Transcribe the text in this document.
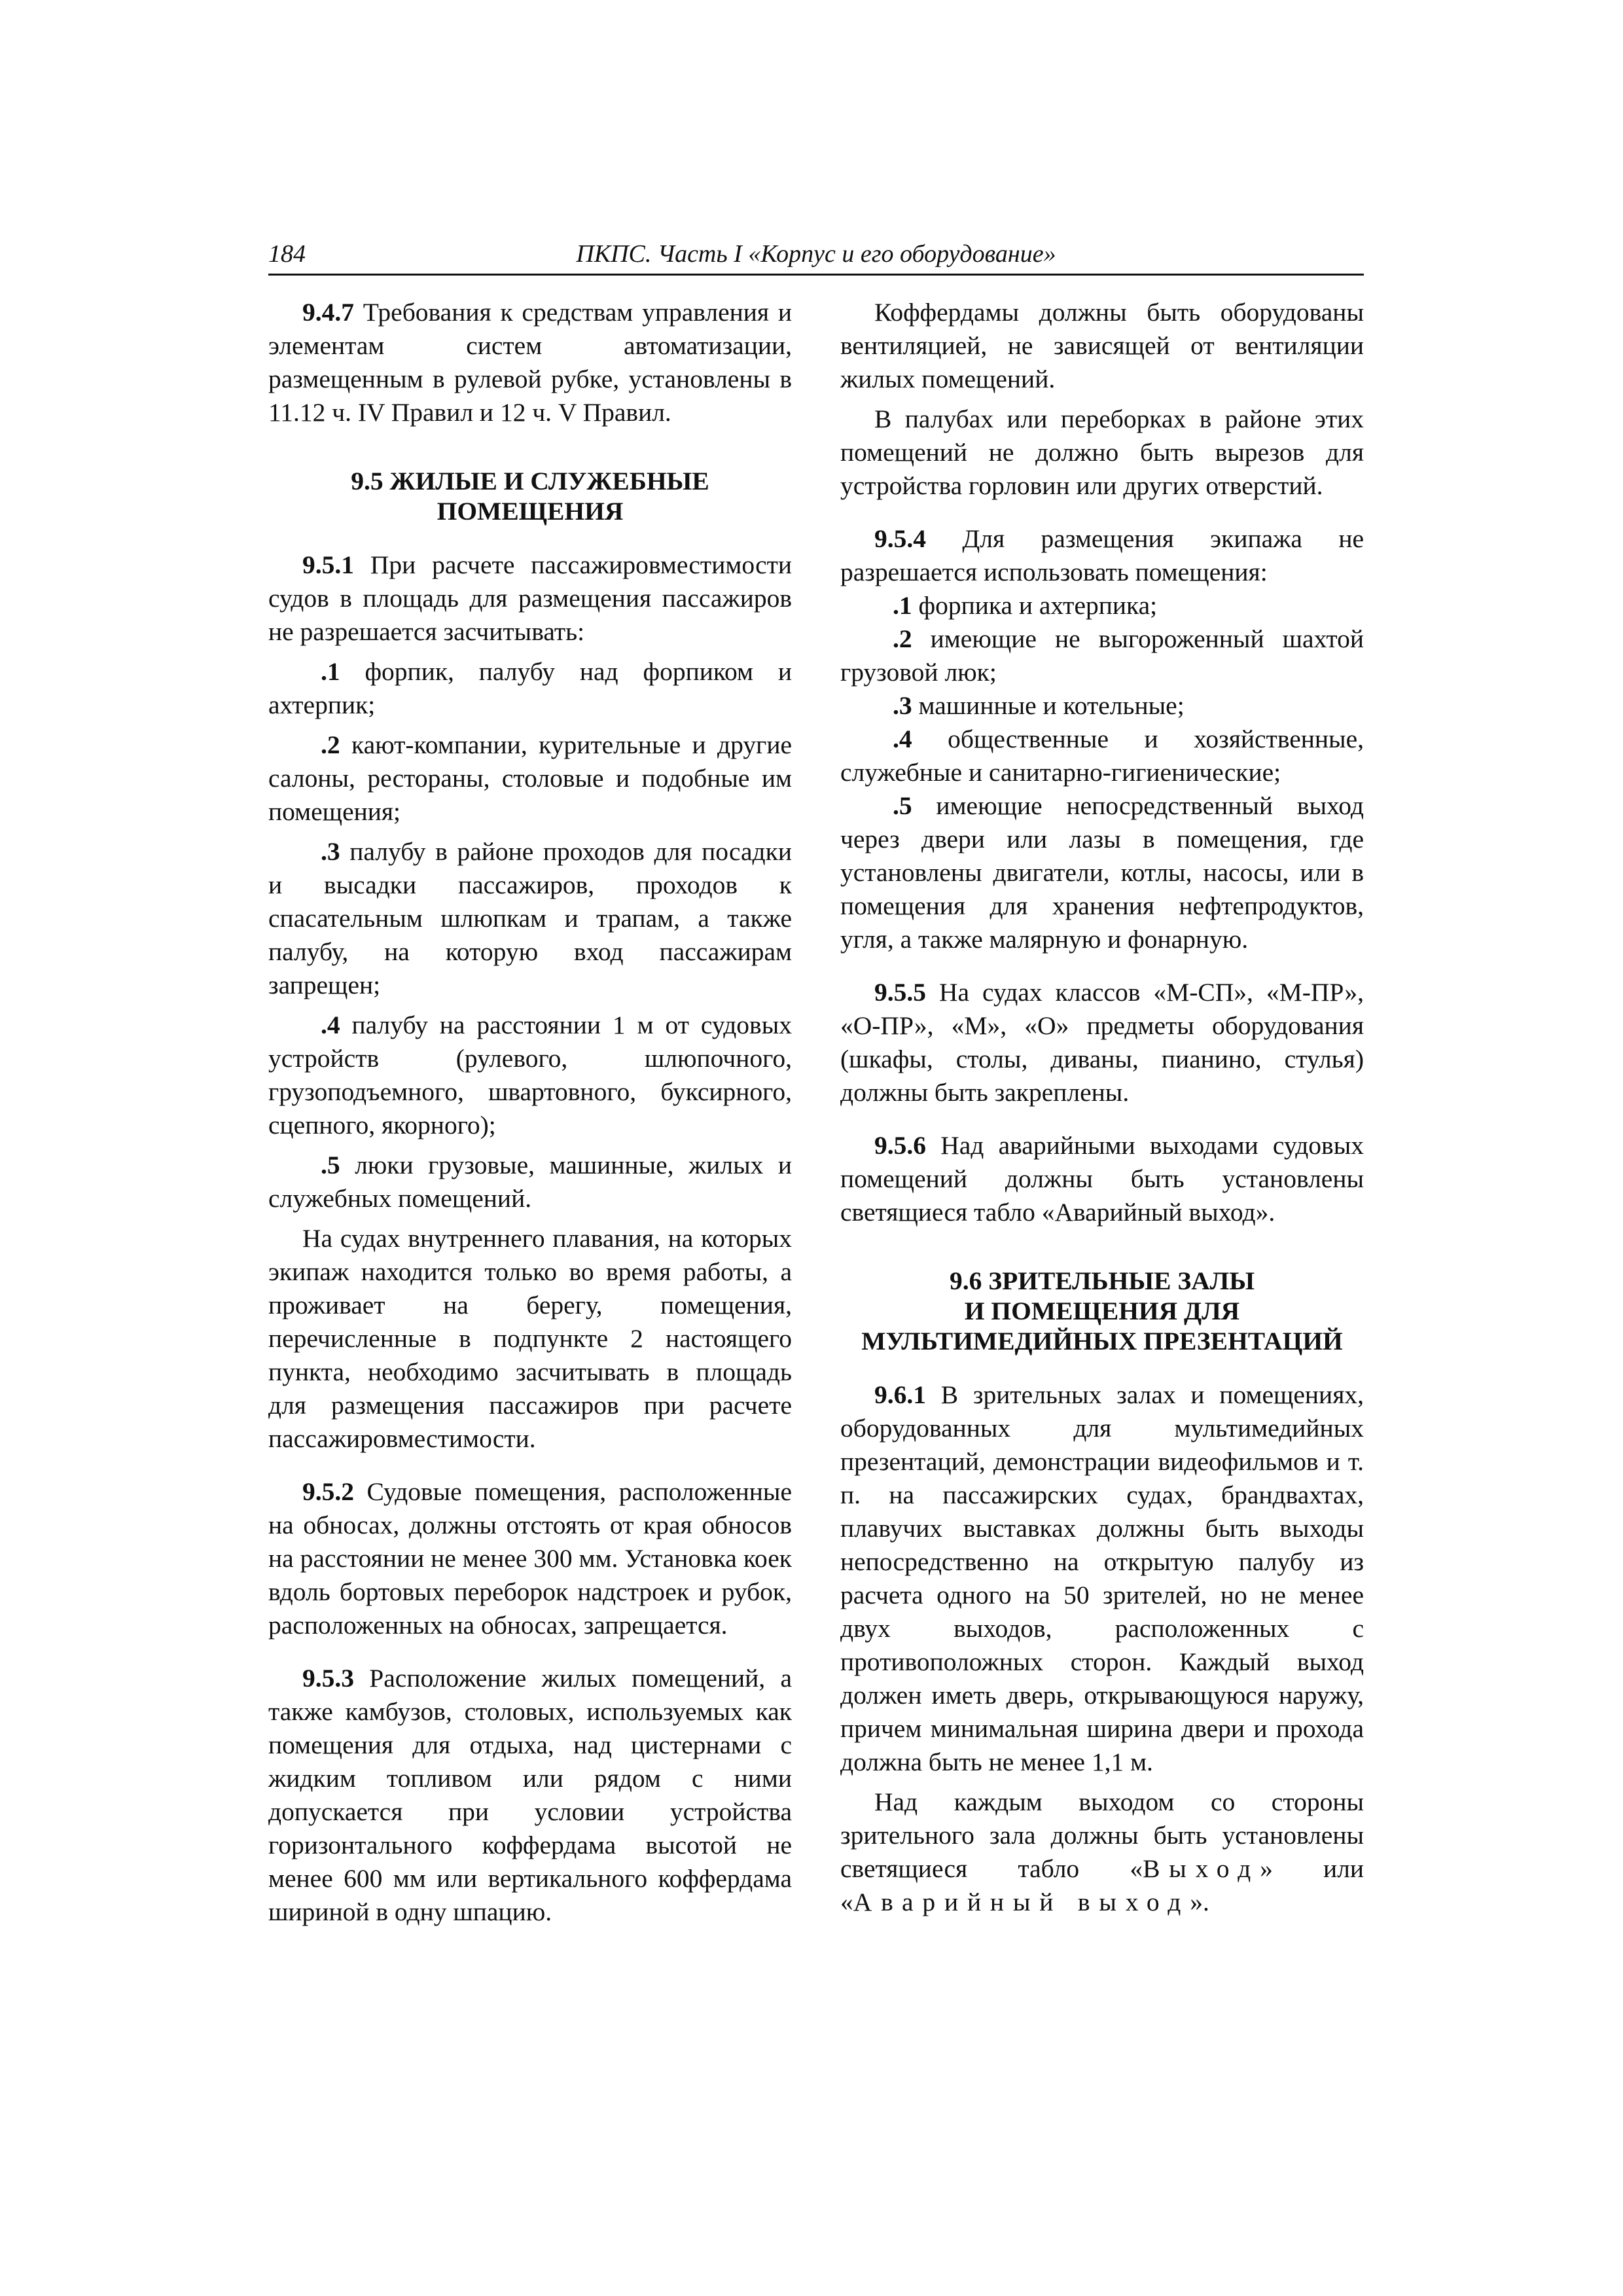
184	ПКПС. Часть I «Корпус и его оборудование»

9.4.7 Требования к средствам управления и элементам систем автоматизации, размещенным в рулевой рубке, установлены в 11.12 ч. IV Правил и 12 ч. V Правил.

9.5 ЖИЛЫЕ И СЛУЖЕБНЫЕ
ПОМЕЩЕНИЯ

9.5.1 При расчете пассажировместимости судов в площадь для размещения пассажиров не разрешается засчитывать:

.1 форпик, палубу над форпиком и ахтерпик;

.2 кают-компании, курительные и другие салоны, рестораны, столовые и подобные им помещения;

.3 палубу в районе проходов для посадки и высадки пассажиров, проходов к спасательным шлюпкам и трапам, а также палубу, на которую вход пассажирам запрещен;

.4 палубу на расстоянии 1 м от судовых устройств (рулевого, шлюпочного, грузоподъемного, швартовного, буксирного, сцепного, якорного);

.5 люки грузовые, машинные, жилых и служебных помещений.

На судах внутреннего плавания, на которых экипаж находится только во время работы, а проживает на берегу, помещения, перечисленные в подпункте 2 настоящего пункта, необходимо засчитывать в площадь для размещения пассажиров при расчете пассажировместимости.

9.5.2 Судовые помещения, расположенные на обносах, должны отстоять от края обносов на расстоянии не менее 300 мм. Установка коек вдоль бортовых переборок надстроек и рубок, расположенных на обносах, запрещается.

9.5.3 Расположение жилых помещений, а также камбузов, столовых, используемых как помещения для отдыха, над цистернами с жидким топливом или рядом с ними допускается при условии устройства горизонтального коффердама высотой не менее 600 мм или вертикального коффердама шириной в одну шпацию.

Коффердамы должны быть оборудованы вентиляцией, не зависящей от вентиляции жилых помещений.

В палубах или переборках в районе этих помещений не должно быть вырезов для устройства горловин или других отверстий.

9.5.4 Для размещения экипажа не разрешается использовать помещения:

.1 форпика и ахтерпика;

.2 имеющие не выгороженный шахтой грузовой люк;

.3 машинные и котельные;

.4 общественные и хозяйственные, служебные и санитарно-гигиенические;

.5 имеющие непосредственный выход через двери или лазы в помещения, где установлены двигатели, котлы, насосы, или в помещения для хранения нефтепродуктов, угля, а также малярную и фонарную.

9.5.5 На судах классов «М-СП», «М-ПР», «О-ПР», «М», «О» предметы оборудования (шкафы, столы, диваны, пианино, стулья) должны быть закреплены.

9.5.6 Над аварийными выходами судовых помещений должны быть установлены светящиеся табло «Аварийный выход».

9.6 ЗРИТЕЛЬНЫЕ ЗАЛЫ
И ПОМЕЩЕНИЯ ДЛЯ
МУЛЬТИМЕДИЙНЫХ ПРЕЗЕНТАЦИЙ

9.6.1 В зрительных залах и помещениях, оборудованных для мультимедийных презентаций, демонстрации видеофильмов и т. п. на пассажирских судах, брандвахтах, плавучих выставках должны быть выходы непосредственно на открытую палубу из расчета одного на 50 зрителей, но не менее двух выходов, расположенных с противоположных сторон. Каждый выход должен иметь дверь, открывающуюся наружу, причем минимальная ширина двери и прохода должна быть не менее 1,1 м.

Над каждым выходом со стороны зрительного зала должны быть установлены светящиеся табло «Выход» или «Аварийный выход».
